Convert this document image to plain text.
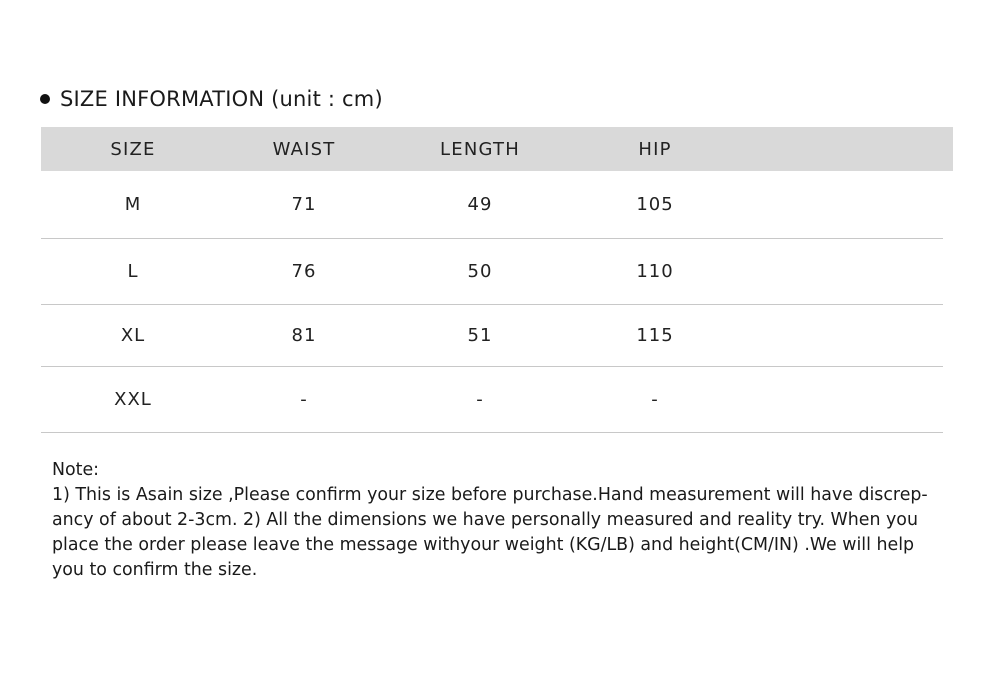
SIZE INFORMATION (unit : cm)
SIZE	WAIST	LENGTH	HIP
M	71	49	105
L	76	50	110
XL	81	51	115
XXL	-	-	-

Note:

1) This is Asain size ,Please confirm your size before purchase.Hand measurement will have discrep-

ancy of about 2-3cm. 2) All the dimensions we have personally measured and reality try. When you

place the order please leave the message withyour weight (KG/LB) and height(CM/IN) .We will help

you to confirm the size.
